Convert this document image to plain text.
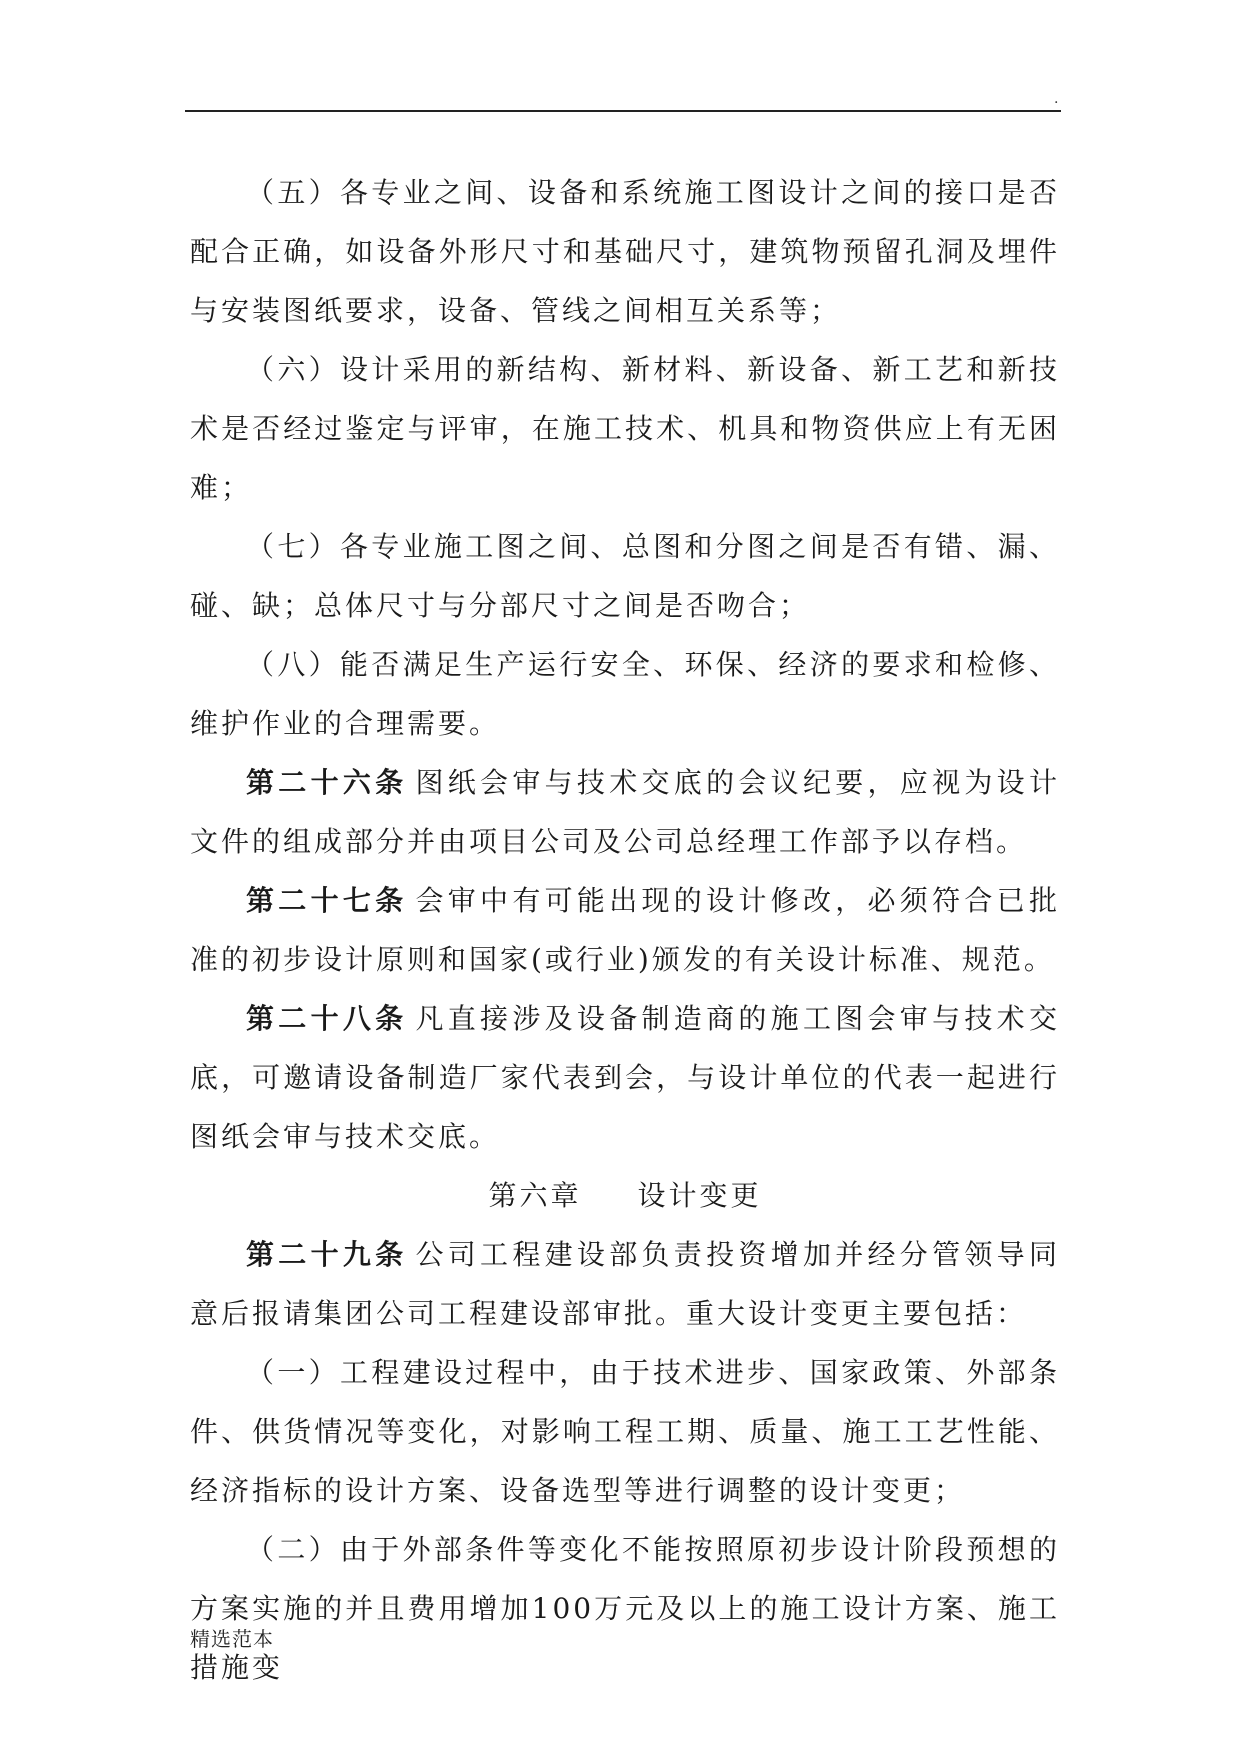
.

（五）各专业之间、设备和系统施工图设计之间的接口是否配合正确，如设备外形尺寸和基础尺寸，建筑物预留孔洞及埋件与安装图纸要求，设备、管线之间相互关系等；

（六）设计采用的新结构、新材料、新设备、新工艺和新技术是否经过鉴定与评审，在施工技术、机具和物资供应上有无困难；

（七）各专业施工图之间、总图和分图之间是否有错、漏、碰、缺；总体尺寸与分部尺寸之间是否吻合；

（八）能否满足生产运行安全、环保、经济的要求和检修、维护作业的合理需要。

第二十六条 图纸会审与技术交底的会议纪要，应视为设计文件的组成部分并由项目公司及公司总经理工作部予以存档。

第二十七条 会审中有可能出现的设计修改，必须符合已批准的初步设计原则和国家(或行业)颁发的有关设计标准、规范。

第二十八条 凡直接涉及设备制造商的施工图会审与技术交底，可邀请设备制造厂家代表到会，与设计单位的代表一起进行图纸会审与技术交底。

第六章 设计变更

第二十九条 公司工程建设部负责投资增加并经分管领导同意后报请集团公司工程建设部审批。重大设计变更主要包括：

（一）工程建设过程中，由于技术进步、国家政策、外部条件、供货情况等变化，对影响工程工期、质量、施工工艺性能、经济指标的设计方案、设备选型等进行调整的设计变更；

（二）由于外部条件等变化不能按照原初步设计阶段预想的方案实施的并且费用增加100万元及以上的施工设计方案、施工措施变

精选范本
